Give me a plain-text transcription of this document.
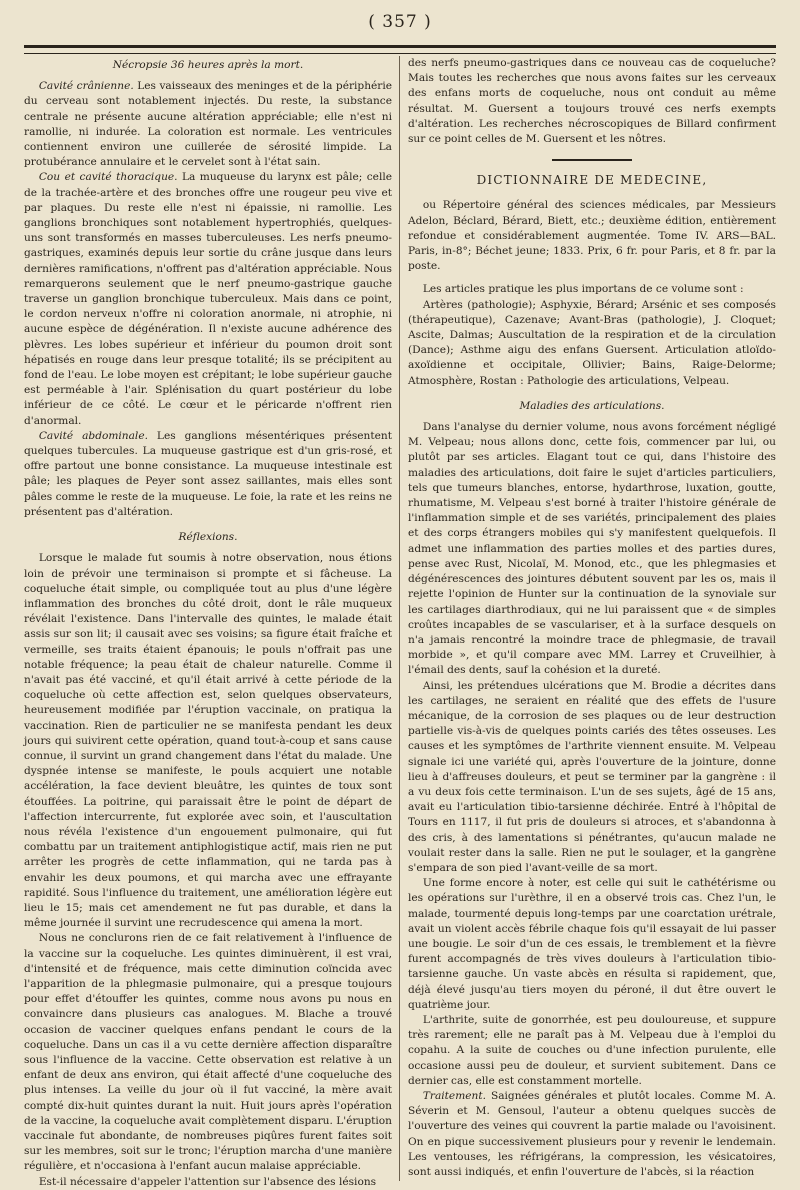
( 357 )

Nécropsie 36 heures après la mort.

Cavité crânienne. Les vaisseaux des meninges et de la périphérie du cerveau sont notablement injectés. Du reste, la substance centrale ne présente aucune altération appréciable; elle n'est ni ramollie, ni indurée. La coloration est normale. Les ventricules contiennent environ une cuillerée de sérosité limpide. La protubérance annulaire et le cervelet sont à l'état sain.

Cou et cavité thoracique. La muqueuse du larynx est pâle; celle de la trachée-artère et des bronches offre une rougeur peu vive et par plaques. Du reste elle n'est ni épaissie, ni ramollie. Les ganglions bronchiques sont notablement hypertrophiés, quelques-uns sont transformés en masses tuberculeuses. Les nerfs pneumo-gastriques, examinés depuis leur sortie du crâne jusque dans leurs dernières ramifications, n'offrent pas d'altération appréciable. Nous remarquerons seulement que le nerf pneumo-gastrique gauche traverse un ganglion bronchique tuberculeux. Mais dans ce point, le cordon nerveux n'offre ni coloration anormale, ni atrophie, ni aucune espèce de dégénération. Il n'existe aucune adhérence des plèvres. Les lobes supérieur et inférieur du poumon droit sont hépatisés en rouge dans leur presque totalité; ils se précipitent au fond de l'eau. Le lobe moyen est crépitant; le lobe supérieur gauche est perméable à l'air. Splénisation du quart postérieur du lobe inférieur de ce côté. Le cœur et le péricarde n'offrent rien d'anormal.

Cavité abdominale. Les ganglions mésentériques présentent quelques tubercules. La muqueuse gastrique est d'un gris-rosé, et offre partout une bonne consistance. La muqueuse intestinale est pâle; les plaques de Peyer sont assez saillantes, mais elles sont pâles comme le reste de la muqueuse. Le foie, la rate et les reins ne présentent pas d'altération.

Réflexions.

Lorsque le malade fut soumis à notre observation, nous étions loin de prévoir une terminaison si prompte et si fâcheuse. La coqueluche était simple, ou compliquée tout au plus d'une légère inflammation des bronches du côté droit, dont le râle muqueux révélait l'existence. Dans l'intervalle des quintes, le malade était assis sur son lit; il causait avec ses voisins; sa figure était fraîche et vermeille, ses traits étaient épanouis; le pouls n'offrait pas une notable fréquence; la peau était de chaleur naturelle. Comme il n'avait pas été vacciné, et qu'il était arrivé à cette période de la coqueluche où cette affection est, selon quelques observateurs, heureusement modifiée par l'éruption vaccinale, on pratiqua la vaccination. Rien de particulier ne se manifesta pendant les deux jours qui suivirent cette opération, quand tout-à-coup et sans cause connue, il survint un grand changement dans l'état du malade. Une dyspnée intense se manifeste, le pouls acquiert une notable accélération, la face devient bleuâtre, les quintes de toux sont étouffées. La poitrine, qui paraissait être le point de départ de l'affection intercurrente, fut explorée avec soin, et l'auscultation nous révéla l'existence d'un engouement pulmonaire, qui fut combattu par un traitement antiphlogistique actif, mais rien ne put arrêter les progrès de cette inflammation, qui ne tarda pas à envahir les deux poumons, et qui marcha avec une effrayante rapidité. Sous l'influence du traitement, une amélioration légère eut lieu le 15; mais cet amendement ne fut pas durable, et dans la même journée il survint une recrudescence qui amena la mort.

Nous ne conclurons rien de ce fait relativement à l'influence de la vaccine sur la coqueluche. Les quintes diminuèrent, il est vrai, d'intensité et de fréquence, mais cette diminution coïncida avec l'apparition de la phlegmasie pulmonaire, qui a presque toujours pour effet d'étouffer les quintes, comme nous avons pu nous en convaincre dans plusieurs cas analogues. M. Blache a trouvé occasion de vacciner quelques enfans pendant le cours de la coqueluche. Dans un cas il a vu cette dernière affection disparaître sous l'influence de la vaccine. Cette observation est relative à un enfant de deux ans environ, qui était affecté d'une coqueluche des plus intenses. La veille du jour où il fut vacciné, la mère avait compté dix-huit quintes durant la nuit. Huit jours après l'opération de la vaccine, la coqueluche avait complètement disparu. L'éruption vaccinale fut abondante, de nombreuses piqûres furent faites soit sur les membres, soit sur le tronc; l'éruption marcha d'une manière régulière, et n'occasiona à l'enfant aucun malaise appréciable.

Est-il nécessaire d'appeler l'attention sur l'absence des lésions

des nerfs pneumo-gastriques dans ce nouveau cas de coqueluche? Mais toutes les recherches que nous avons faites sur les cerveaux des enfans morts de coqueluche, nous ont conduit au même résultat. M. Guersent a toujours trouvé ces nerfs exempts d'altération. Les recherches nécroscopiques de Billard confirment sur ce point celles de M. Guersent et les nôtres.

DICTIONNAIRE DE MEDECINE,

ou Répertoire général des sciences médicales, par Messieurs Adelon, Béclard, Bérard, Biett, etc.; deuxième édition, entièrement refondue et considérablement augmentée. Tome IV. ARS—BAL. Paris, in-8°; Béchet jeune; 1833. Prix, 6 fr. pour Paris, et 8 fr. par la poste.

Les articles pratique les plus importans de ce volume sont :

Artères (pathologie); Asphyxie, Bérard; Arsénic et ses composés (thérapeutique), Cazenave; Avant-Bras (pathologie), J. Cloquet; Ascite, Dalmas; Auscultation de la respiration et de la circulation (Dance); Asthme aigu des enfans Guersent. Articulation atloïdo-axoïdienne et occipitale, Ollivier; Bains, Raige-Delorme; Atmosphère, Rostan : Pathologie des articulations, Velpeau.

Maladies des articulations.

Dans l'analyse du dernier volume, nous avons forcément négligé M. Velpeau; nous allons donc, cette fois, commencer par lui, ou plutôt par ses articles. Elagant tout ce qui, dans l'histoire des maladies des articulations, doit faire le sujet d'articles particuliers, tels que tumeurs blanches, entorse, hydarthrose, luxation, goutte, rhumatisme, M. Velpeau s'est borné à traiter l'histoire générale de l'inflammation simple et de ses variétés, principalement des plaies et des corps étrangers mobiles qui s'y manifestent quelquefois. Il admet une inflammation des parties molles et des parties dures, pense avec Rust, Nicolaï, M. Monod, etc., que les phlegmasies et dégénérescences des jointures débutent souvent par les os, mais il rejette l'opinion de Hunter sur la continuation de la synoviale sur les cartilages diarthrodiaux, qui ne lui paraissent que « de simples croûtes incapables de se vasculariser, et à la surface desquels on n'a jamais rencontré la moindre trace de phlegmasie, de travail morbide », et qu'il compare avec MM. Larrey et Cruveilhier, à l'émail des dents, sauf la cohésion et la dureté.

Ainsi, les prétendues ulcérations que M. Brodie a décrites dans les cartilages, ne seraient en réalité que des effets de l'usure mécanique, de la corrosion de ses plaques ou de leur destruction partielle vis-à-vis de quelques points cariés des têtes osseuses. Les causes et les symptômes de l'arthrite viennent ensuite. M. Velpeau signale ici une variété qui, après l'ouverture de la jointure, donne lieu à d'affreuses douleurs, et peut se terminer par la gangrène : il a vu deux fois cette terminaison. L'un de ses sujets, âgé de 15 ans, avait eu l'articulation tibio-tarsienne déchirée. Entré à l'hôpital de Tours en 1117, il fut pris de douleurs si atroces, et s'abandonna à des cris, à des lamentations si pénétrantes, qu'aucun malade ne voulait rester dans la salle. Rien ne put le soulager, et la gangrène s'empara de son pied l'avant-veille de sa mort.

Une forme encore à noter, est celle qui suit le cathétérisme ou les opérations sur l'urèthre, il en a observé trois cas. Chez l'un, le malade, tourmenté depuis long-temps par une coarctation urétrale, avait un violent accès fébrile chaque fois qu'il essayait de lui passer une bougie. Le soir d'un de ces essais, le tremblement et la fièvre furent accompagnés de très vives douleurs à l'articulation tibio-tarsienne gauche. Un vaste abcès en résulta si rapidement, que, déjà élevé jusqu'au tiers moyen du péroné, il dut être ouvert le quatrième jour.

L'arthrite, suite de gonorrhée, est peu douloureuse, et suppure très rarement; elle ne paraît pas à M. Velpeau due à l'emploi du copahu. A la suite de couches ou d'une infection purulente, elle occasione aussi peu de douleur, et survient subitement. Dans ce dernier cas, elle est constamment mortelle.

Traitement. Saignées générales et plutôt locales. Comme M. A. Séverin et M. Gensoul, l'auteur a obtenu quelques succès de l'ouverture des veines qui couvrent la partie malade ou l'avoisinent. On en pique successivement plusieurs pour y revenir le lendemain. Les ventouses, les réfrigérans, la compression, les vésicatoires, sont aussi indiqués, et enfin l'ouverture de l'abcès, si la réaction
